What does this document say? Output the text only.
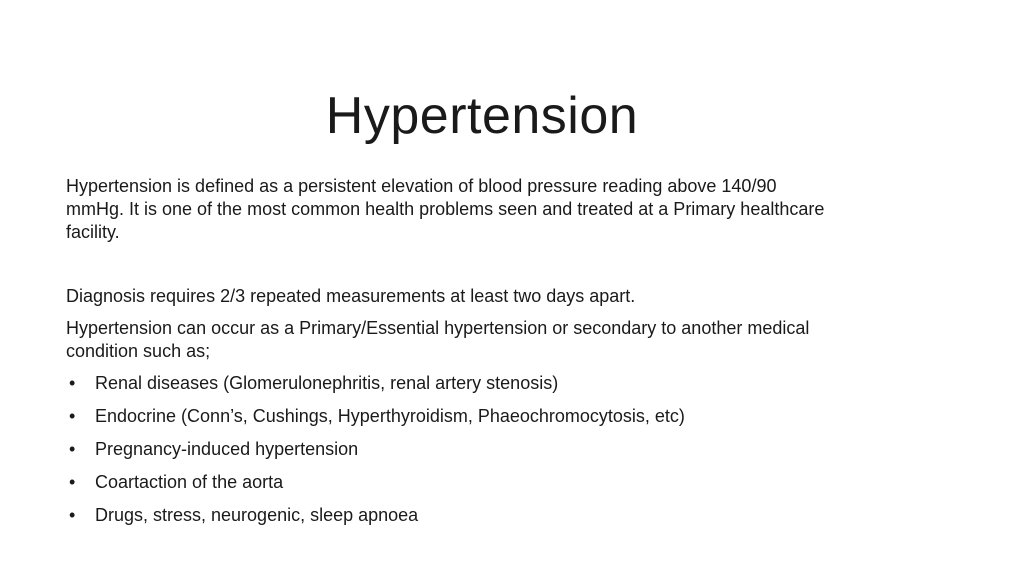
Hypertension

Hypertension is defined as a persistent elevation of blood pressure reading above 140/90 mmHg. It is one of the most common health problems seen and treated at a Primary healthcare facility.

Diagnosis requires 2/3 repeated measurements at least two days apart.

Hypertension can occur as a Primary/Essential hypertension or secondary to another medical condition such as;

•	Renal diseases (Glomerulonephritis, renal artery stenosis)
•	Endocrine (Conn’s, Cushings, Hyperthyroidism, Phaeochromocytosis, etc)
•	Pregnancy-induced hypertension
•	Coartaction of the aorta
•	Drugs, stress, neurogenic, sleep apnoea
